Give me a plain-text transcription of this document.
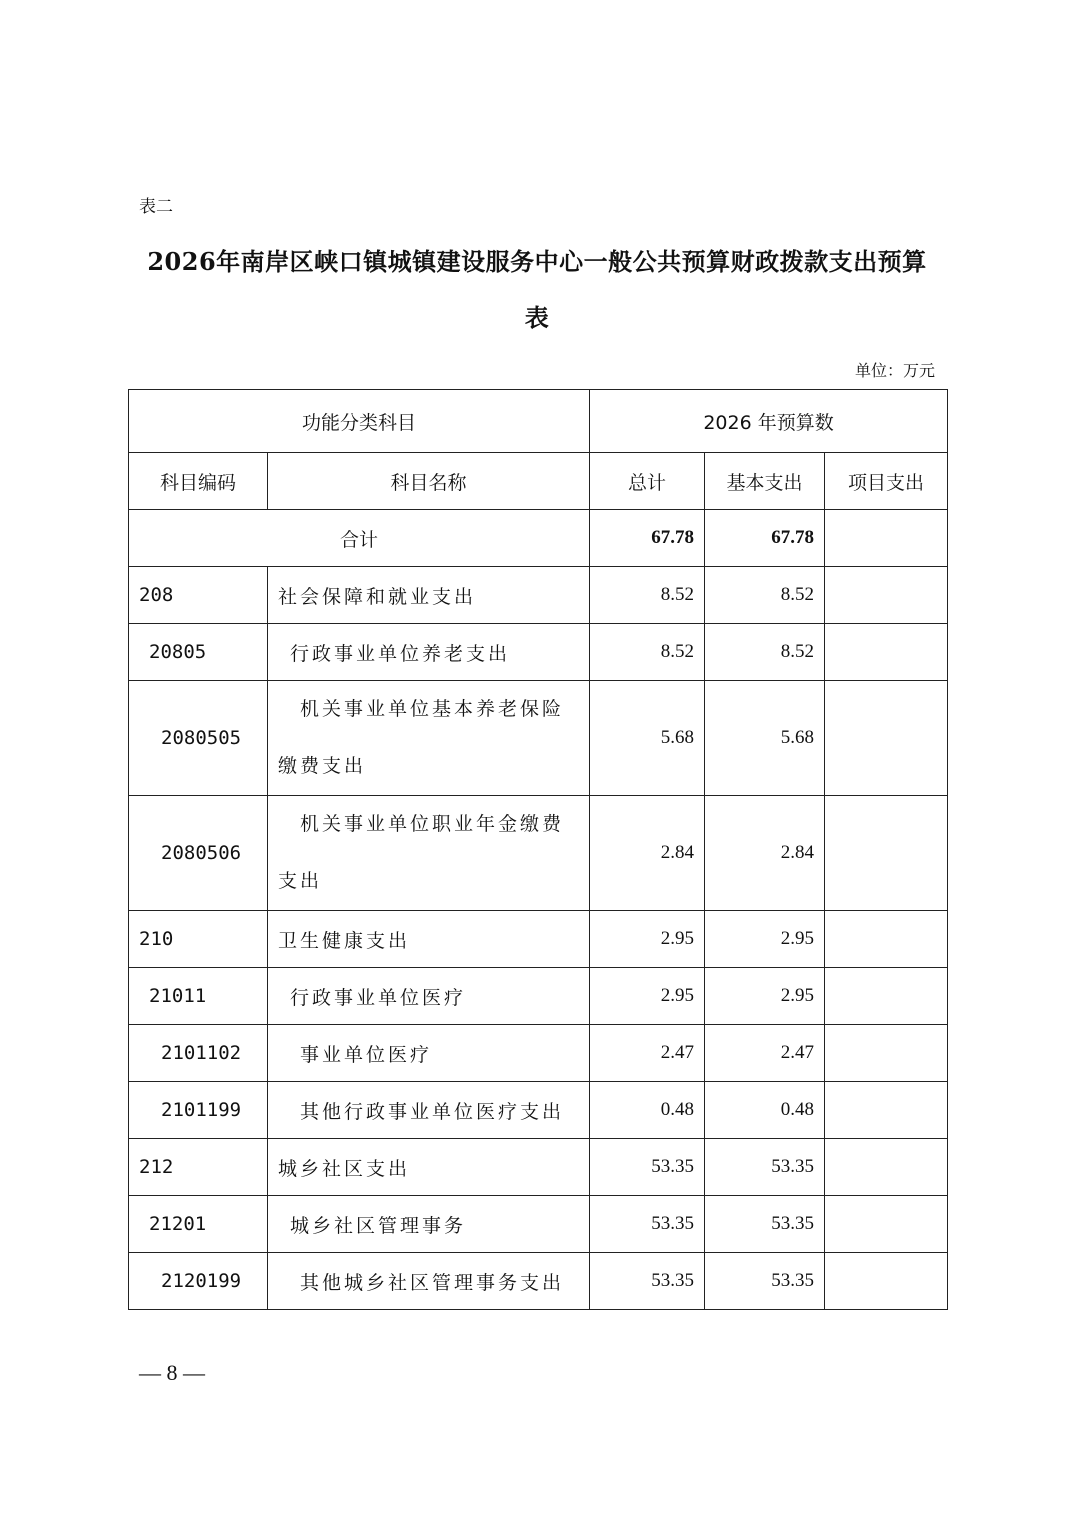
表二
2026年南岸区峡口镇城镇建设服务中心一般公共预算财政拨款支出预算
表
单位：万元
功能分类科目		2026 年预算数		
科目编码	科目名称	总计	基本支出	项目支出
合计		67.78	67.78	
208	社会保障和就业支出	8.52	8.52	
20805	行政事业单位养老支出	8.52	8.52	
2080505	机关事业单位基本养老保险缴费支出	5.68	5.68	
2080506	机关事业单位职业年金缴费支出	2.84	2.84	
210	卫生健康支出	2.95	2.95	
21011	行政事业单位医疗	2.95	2.95	
2101102	事业单位医疗	2.47	2.47	
2101199	其他行政事业单位医疗支出	0.48	0.48	
212	城乡社区支出	53.35	53.35	
21201	城乡社区管理事务	53.35	53.35	
2120199	其他城乡社区管理事务支出	53.35	53.35	
— 8 —
